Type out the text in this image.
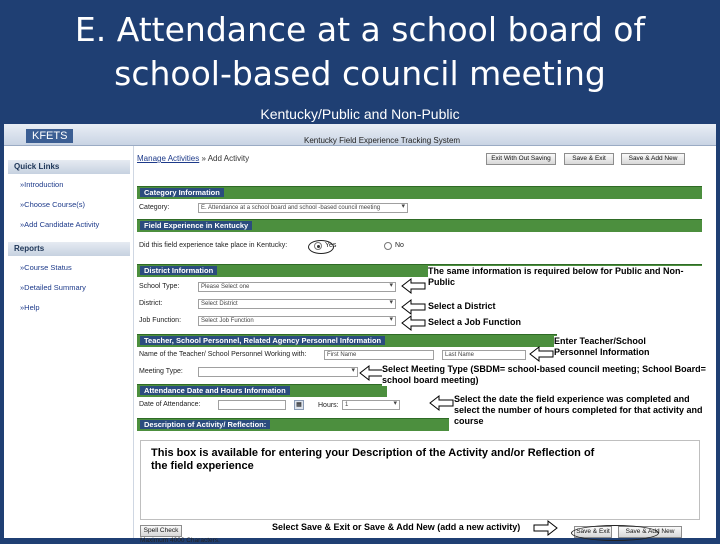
E. Attendance at a school board of
school-based council meeting
Kentucky/Public and Non-Public
KFETS	Kentucky Field Experience Tracking System
Quick Links
»Introduction
»Choose Course(s)
»Add Candidate Activity
Reports
»Course Status
»Detailed Summary
»Help
Manage Activities » Add Activity	Exit With Out Saving	Save & Exit	Save & Add New
Category Information
Category:	E. Attendance at a school board and school -based council meeting ▾
Field Experience in Kentucky
Did this field experience take place in Kentucky:	Yes	No
District Information
School Type:	Please Select one ▾
District:	Select District ▾
Job Function:	Select Job Function ▾
Teacher, School Personnel, Related Agency Personnel Information
Name of the Teacher/ School Personnel Working with:	First Name	Last Name
Meeting Type:
▾
Attendance Date and Hours Information
Date of Attendance:	▦	Hours:	1 ▾
Description of Activity/ Reflection:
This box is available for entering your Description of the Activity and/or Reflection of the field experience
Spell Check
Maximum 4000 Characters.
Save & Exit	Save & Add New
The same information is required below for Public and Non-Public
Select a District
Select a Job Function
Enter Teacher/School Personnel Information
Select Meeting Type (SBDM= school-based council meeting; School Board= school board meeting)
Select the date the field experience was completed and select the number of hours completed for that activity and course
Select Save & Exit or Save & Add New (add a new activity)
